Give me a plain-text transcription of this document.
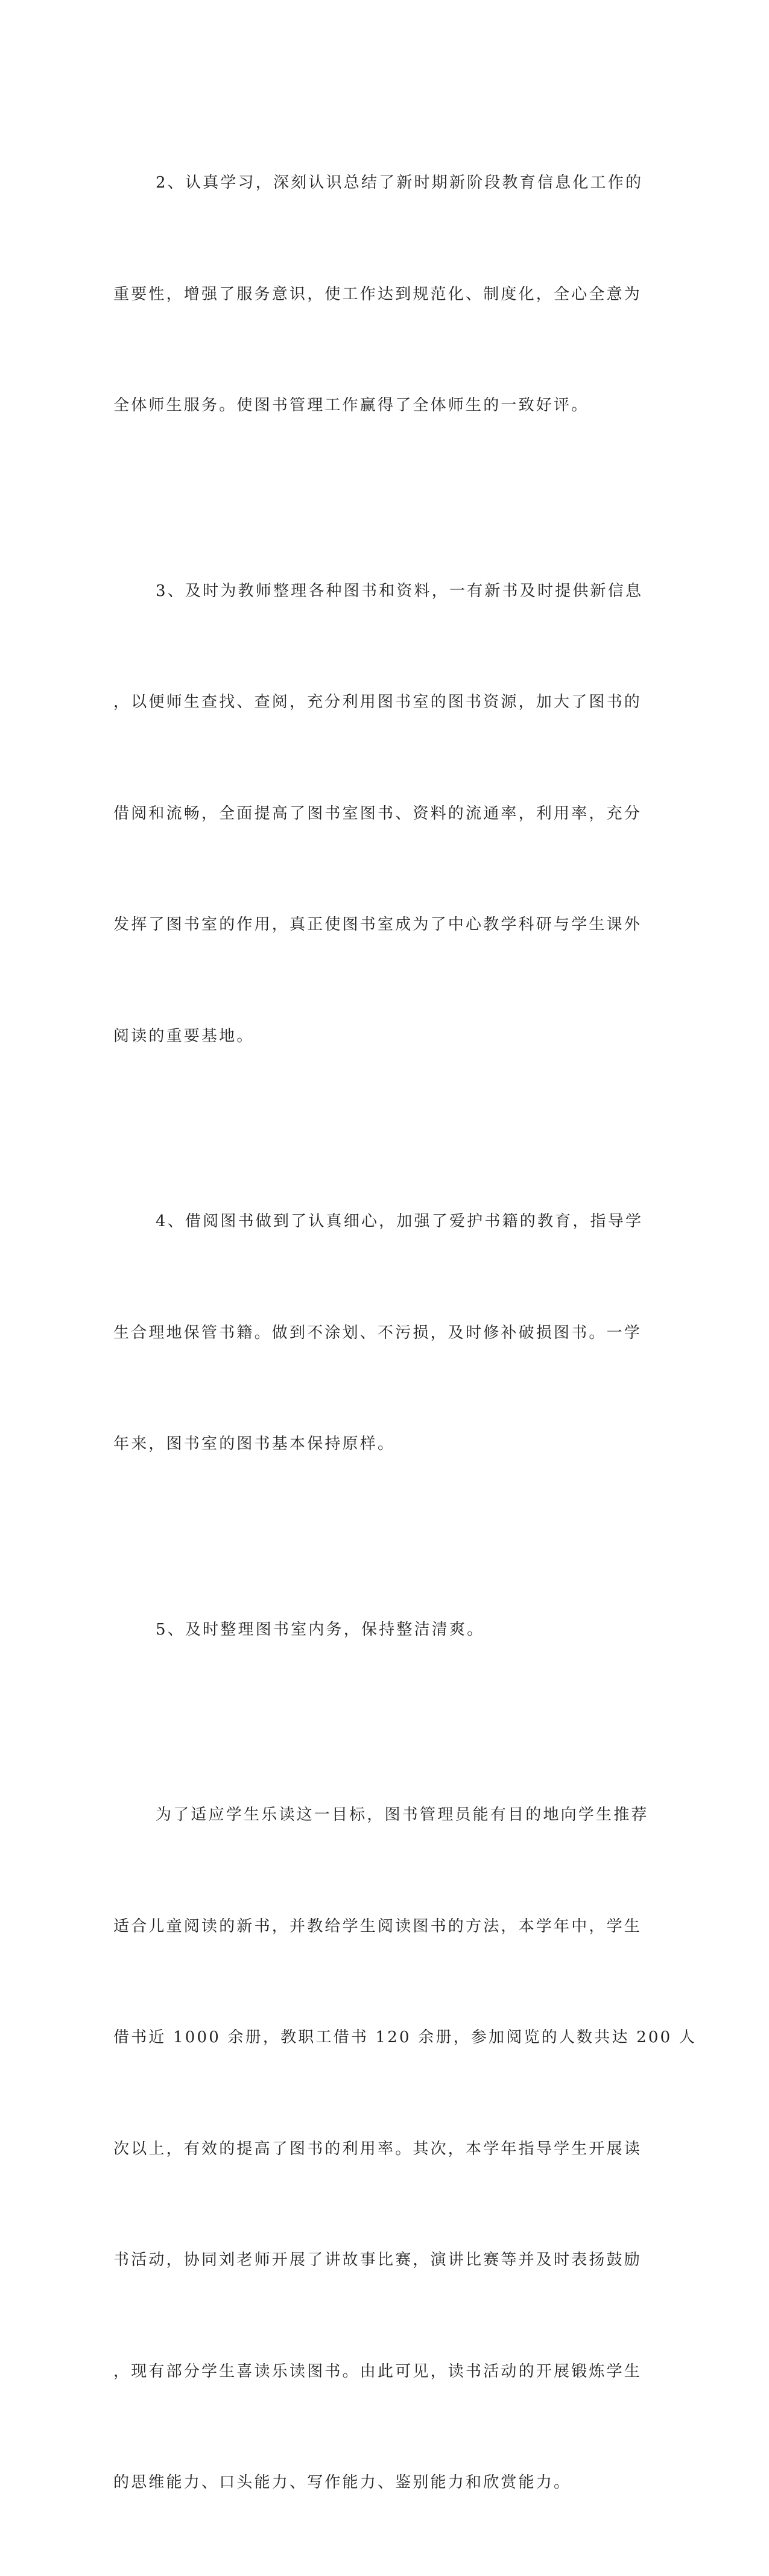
2、认真学习，深刻认识总结了新时期新阶段教育信息化工作的

重要性，增强了服务意识，使工作达到规范化、制度化，全心全意为

全体师生服务。使图书管理工作赢得了全体师生的一致好评。

3、及时为教师整理各种图书和资料，一有新书及时提供新信息

，以便师生查找、查阅，充分利用图书室的图书资源，加大了图书的

借阅和流畅，全面提高了图书室图书、资料的流通率，利用率，充分

发挥了图书室的作用，真正使图书室成为了中心教学科研与学生课外

阅读的重要基地。

4、借阅图书做到了认真细心，加强了爱护书籍的教育，指导学

生合理地保管书籍。做到不涂划、不污损，及时修补破损图书。一学

年来，图书室的图书基本保持原样。

5、及时整理图书室内务，保持整洁清爽。

为了适应学生乐读这一目标，图书管理员能有目的地向学生推荐

适合儿童阅读的新书，并教给学生阅读图书的方法，本学年中，学生

借书近 1000 余册，教职工借书 120 余册，参加阅览的人数共达 200 人

次以上，有效的提高了图书的利用率。其次，本学年指导学生开展读

书活动，协同刘老师开展了讲故事比赛，演讲比赛等并及时表扬鼓励

，现有部分学生喜读乐读图书。由此可见，读书活动的开展锻炼学生

的思维能力、口头能力、写作能力、鉴别能力和欣赏能力。
